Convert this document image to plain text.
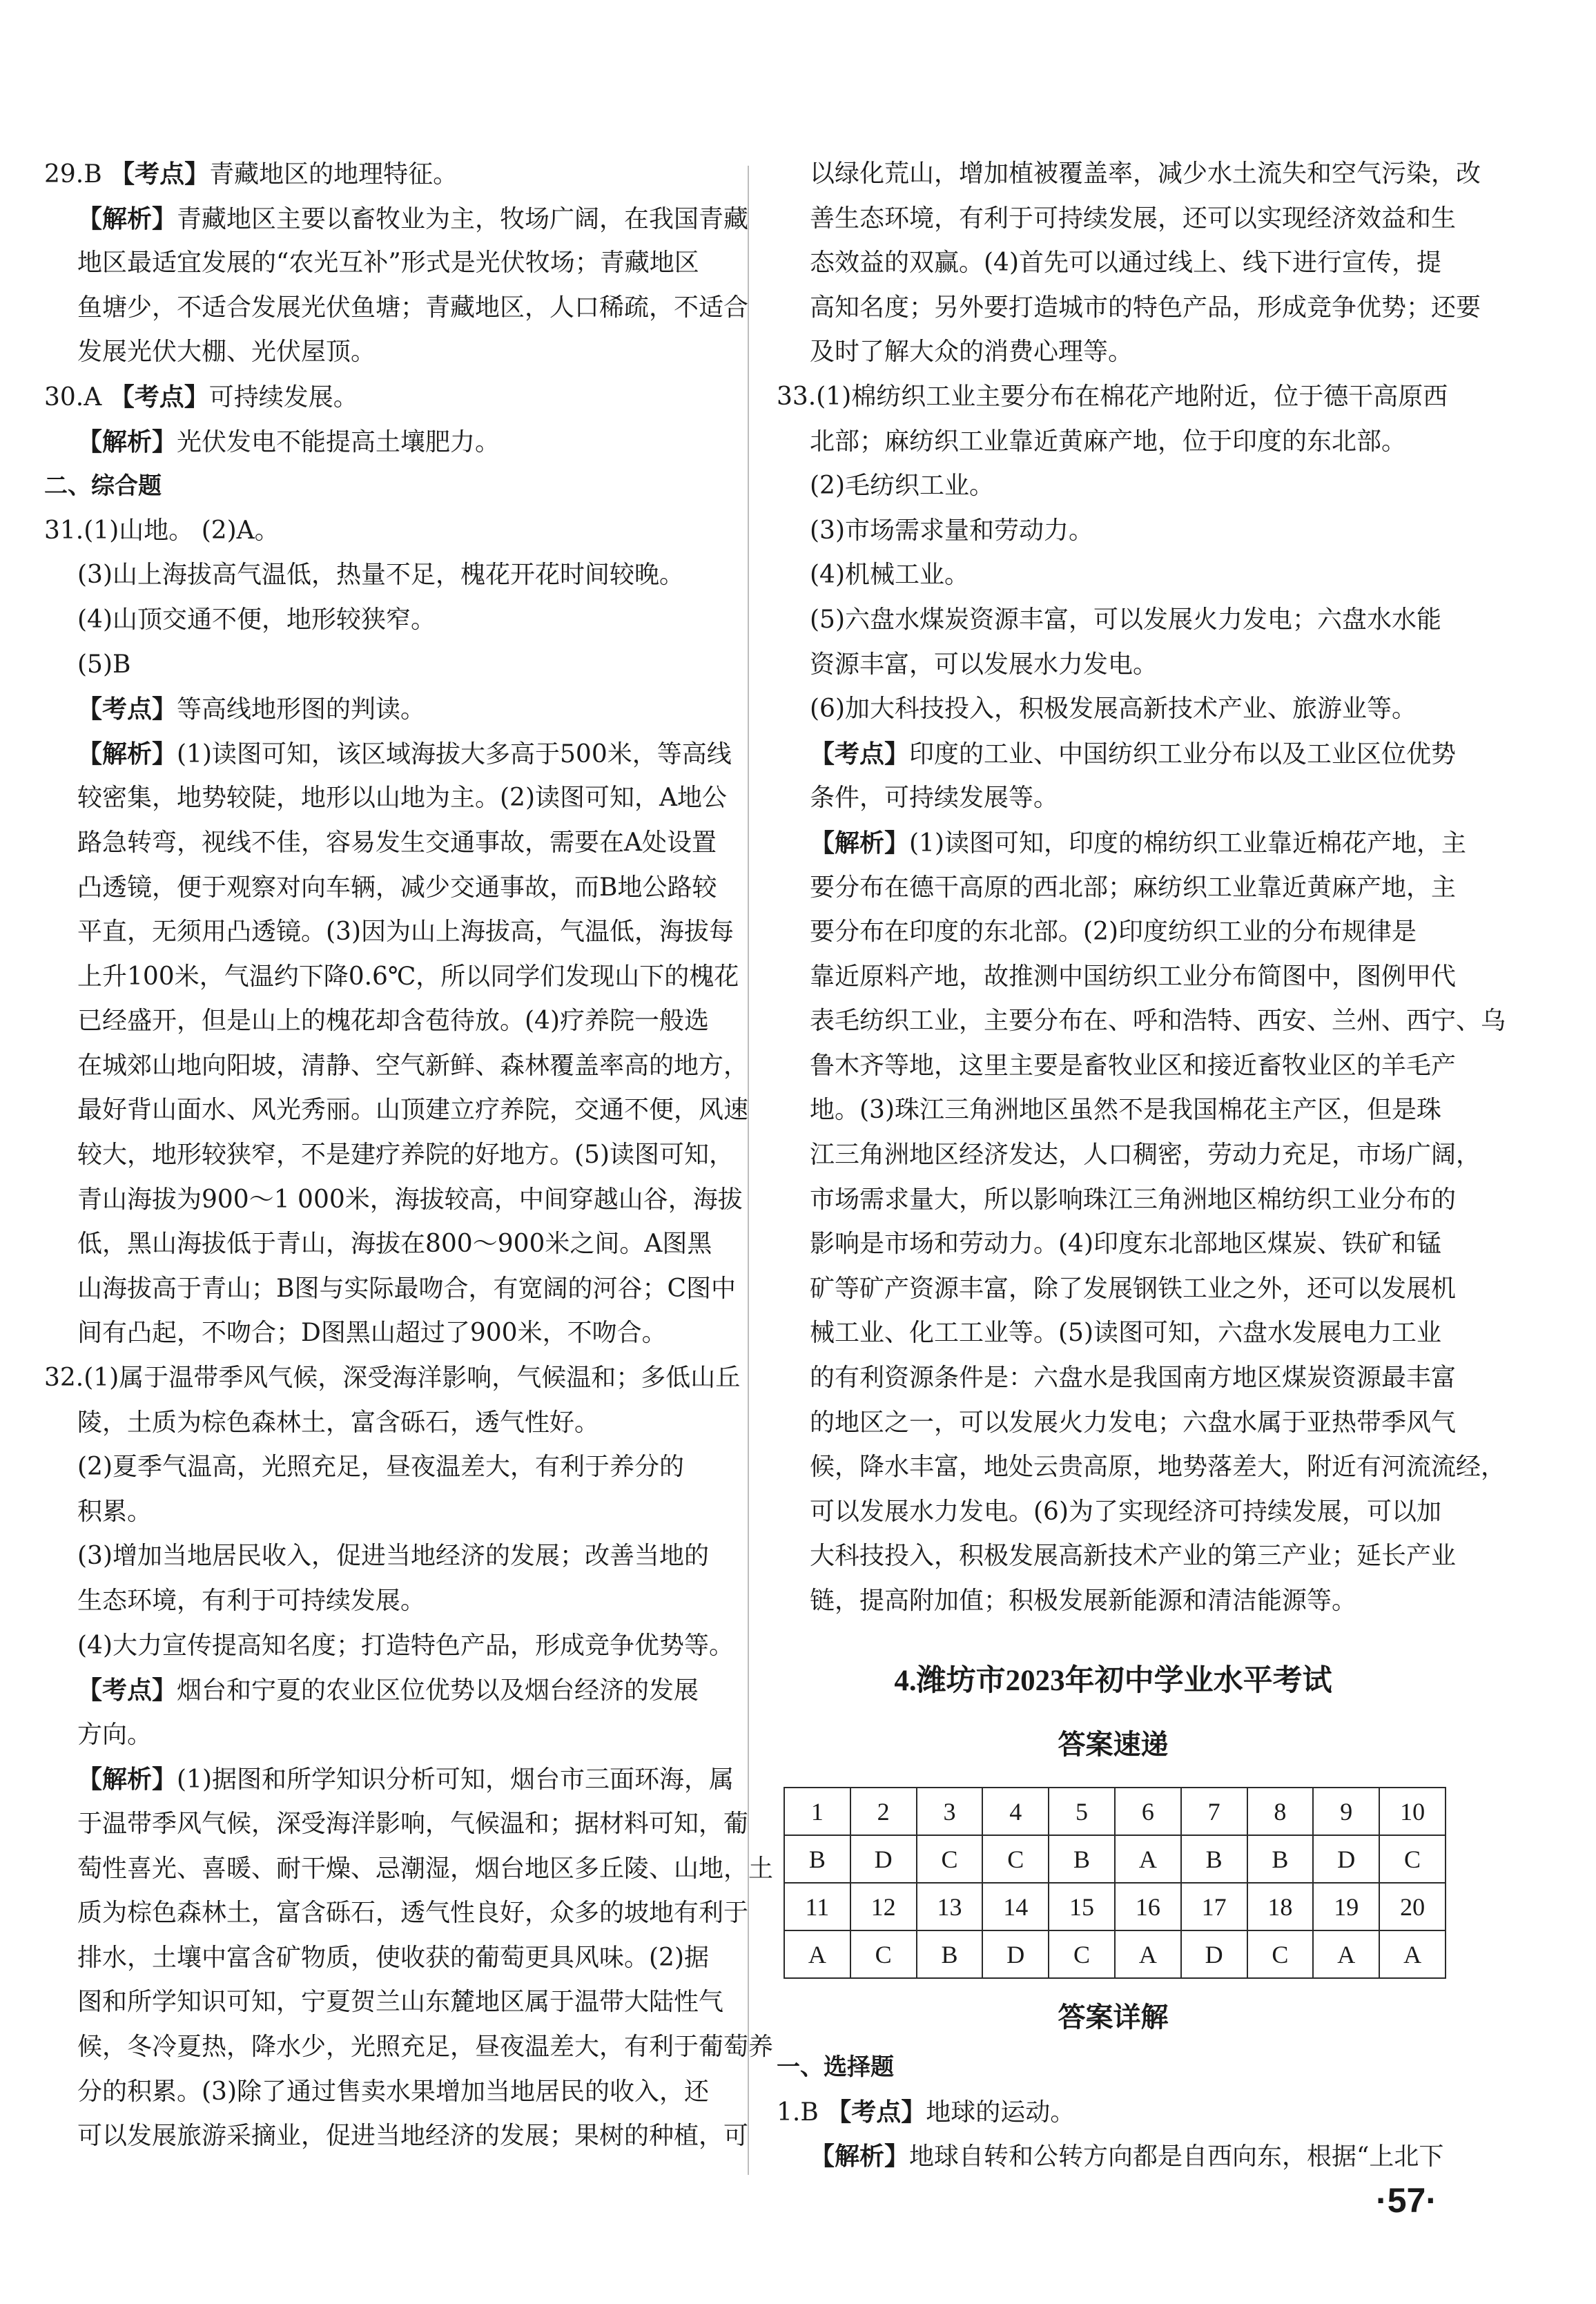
29.B 【考点】青藏地区的地理特征。
【解析】青藏地区主要以畜牧业为主，牧场广阔，在我国青藏
地区最适宜发展的“农光互补”形式是光伏牧场；青藏地区
鱼塘少，不适合发展光伏鱼塘；青藏地区，人口稀疏，不适合
发展光伏大棚、光伏屋顶。
30.A 【考点】可持续发展。
【解析】光伏发电不能提高土壤肥力。
二、综合题
31.(1)山地。 (2)A。
(3)山上海拔高气温低，热量不足，槐花开花时间较晚。
(4)山顶交通不便，地形较狭窄。
(5)B
【考点】等高线地形图的判读。
【解析】(1)读图可知，该区域海拔大多高于500米，等高线
较密集，地势较陡，地形以山地为主。(2)读图可知，A地公
路急转弯，视线不佳，容易发生交通事故，需要在A处设置
凸透镜，便于观察对向车辆，减少交通事故，而B地公路较
平直，无须用凸透镜。(3)因为山上海拔高，气温低，海拔每
上升100米，气温约下降0.6℃，所以同学们发现山下的槐花
已经盛开，但是山上的槐花却含苞待放。(4)疗养院一般选
在城郊山地向阳坡，清静、空气新鲜、森林覆盖率高的地方，
最好背山面水、风光秀丽。山顶建立疗养院，交通不便，风速
较大，地形较狭窄，不是建疗养院的好地方。(5)读图可知，
青山海拔为900～1 000米，海拔较高，中间穿越山谷，海拔
低，黑山海拔低于青山，海拔在800～900米之间。A图黑
山海拔高于青山；B图与实际最吻合，有宽阔的河谷；C图中
间有凸起，不吻合；D图黑山超过了900米，不吻合。
32.(1)属于温带季风气候，深受海洋影响，气候温和；多低山丘
陵，土质为棕色森林土，富含砾石，透气性好。
(2)夏季气温高，光照充足，昼夜温差大，有利于养分的
积累。
(3)增加当地居民收入，促进当地经济的发展；改善当地的
生态环境，有利于可持续发展。
(4)大力宣传提高知名度；打造特色产品，形成竞争优势等。
【考点】烟台和宁夏的农业区位优势以及烟台经济的发展
方向。
【解析】(1)据图和所学知识分析可知，烟台市三面环海，属
于温带季风气候，深受海洋影响，气候温和；据材料可知，葡
萄性喜光、喜暖、耐干燥、忌潮湿，烟台地区多丘陵、山地，土
质为棕色森林土，富含砾石，透气性良好，众多的坡地有利于
排水，土壤中富含矿物质，使收获的葡萄更具风味。(2)据
图和所学知识可知，宁夏贺兰山东麓地区属于温带大陆性气
候，冬冷夏热，降水少，光照充足，昼夜温差大，有利于葡萄养
分的积累。(3)除了通过售卖水果增加当地居民的收入，还
可以发展旅游采摘业，促进当地经济的发展；果树的种植，可
以绿化荒山，增加植被覆盖率，减少水土流失和空气污染，改
善生态环境，有利于可持续发展，还可以实现经济效益和生
态效益的双赢。(4)首先可以通过线上、线下进行宣传，提
高知名度；另外要打造城市的特色产品，形成竞争优势；还要
及时了解大众的消费心理等。
33.(1)棉纺织工业主要分布在棉花产地附近，位于德干高原西
北部；麻纺织工业靠近黄麻产地，位于印度的东北部。
(2)毛纺织工业。
(3)市场需求量和劳动力。
(4)机械工业。
(5)六盘水煤炭资源丰富，可以发展火力发电；六盘水水能
资源丰富，可以发展水力发电。
(6)加大科技投入，积极发展高新技术产业、旅游业等。
【考点】印度的工业、中国纺织工业分布以及工业区位优势
条件，可持续发展等。
【解析】(1)读图可知，印度的棉纺织工业靠近棉花产地，主
要分布在德干高原的西北部；麻纺织工业靠近黄麻产地，主
要分布在印度的东北部。(2)印度纺织工业的分布规律是
靠近原料产地，故推测中国纺织工业分布简图中，图例甲代
表毛纺织工业，主要分布在、呼和浩特、西安、兰州、西宁、乌
鲁木齐等地，这里主要是畜牧业区和接近畜牧业区的羊毛产
地。(3)珠江三角洲地区虽然不是我国棉花主产区，但是珠
江三角洲地区经济发达，人口稠密，劳动力充足，市场广阔，
市场需求量大，所以影响珠江三角洲地区棉纺织工业分布的
影响是市场和劳动力。(4)印度东北部地区煤炭、铁矿和锰
矿等矿产资源丰富，除了发展钢铁工业之外，还可以发展机
械工业、化工工业等。(5)读图可知，六盘水发展电力工业
的有利资源条件是：六盘水是我国南方地区煤炭资源最丰富
的地区之一，可以发展火力发电；六盘水属于亚热带季风气
候，降水丰富，地处云贵高原，地势落差大，附近有河流流经，
可以发展水力发电。(6)为了实现经济可持续发展，可以加
大科技投入，积极发展高新技术产业的第三产业；延长产业
链，提高附加值；积极发展新能源和清洁能源等。
4.潍坊市2023年初中学业水平考试
答案速递
1	2	3	4	5	6	7	8	9	10
B	D	C	C	B	A	B	B	D	C
11	12	13	14	15	16	17	18	19	20
A	C	B	D	C	A	D	C	A	A
答案详解
一、选择题
1.B 【考点】地球的运动。
【解析】地球自转和公转方向都是自西向东，根据“上北下
·57·
